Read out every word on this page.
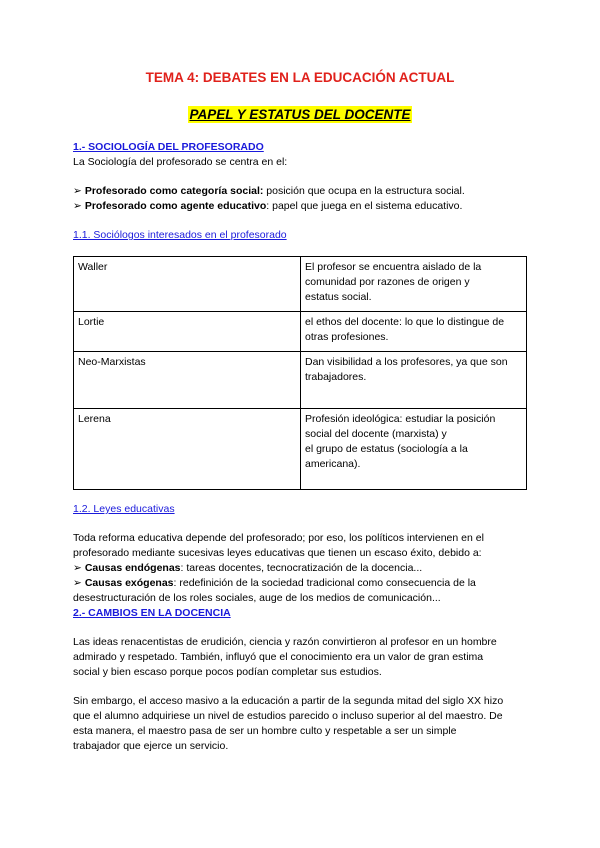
TEMA 4: DEBATES EN LA EDUCACIÓN ACTUAL
PAPEL Y ESTATUS DEL DOCENTE
1.- SOCIOLOGÍA DEL PROFESORADO

La Sociología del profesorado se centra en el:

➢ Profesorado como categoría social: posición que ocupa en la estructura social.

➢ Profesorado como agente educativo: papel que juega en el sistema educativo.

1.1. Sociólogos interesados en el profesorado
Waller	El profesor se encuentra aislado de la
comunidad por razones de origen y
estatus social.
Lortie	el ethos del docente: lo que lo distingue de
otras profesiones.
Neo-Marxistas	Dan visibilidad a los profesores, ya que son
trabajadores.
Lerena	Profesión ideológica: estudiar la posición
social del docente (marxista) y
el grupo de estatus (sociología a la
americana).
1.2. Leyes educativas

Toda reforma educativa depende del profesorado; por eso, los políticos intervienen en el
profesorado mediante sucesivas leyes educativas que tienen un escaso éxito, debido a:

➢ Causas endógenas: tareas docentes, tecnocratización de la docencia...

➢ Causas exógenas: redefinición de la sociedad tradicional como consecuencia de la
desestructuración de los roles sociales, auge de los medios de comunicación...

2.- CAMBIOS EN LA DOCENCIA

Las ideas renacentistas de erudición, ciencia y razón convirtieron al profesor en un hombre
admirado y respetado. También, influyó que el conocimiento era un valor de gran estima
social y bien escaso porque pocos podían completar sus estudios.

Sin embargo, el acceso masivo a la educación a partir de la segunda mitad del siglo XX hizo
que el alumno adquiriese un nivel de estudios parecido o incluso superior al del maestro. De
esta manera, el maestro pasa de ser un hombre culto y respetable a ser un simple
trabajador que ejerce un servicio.
